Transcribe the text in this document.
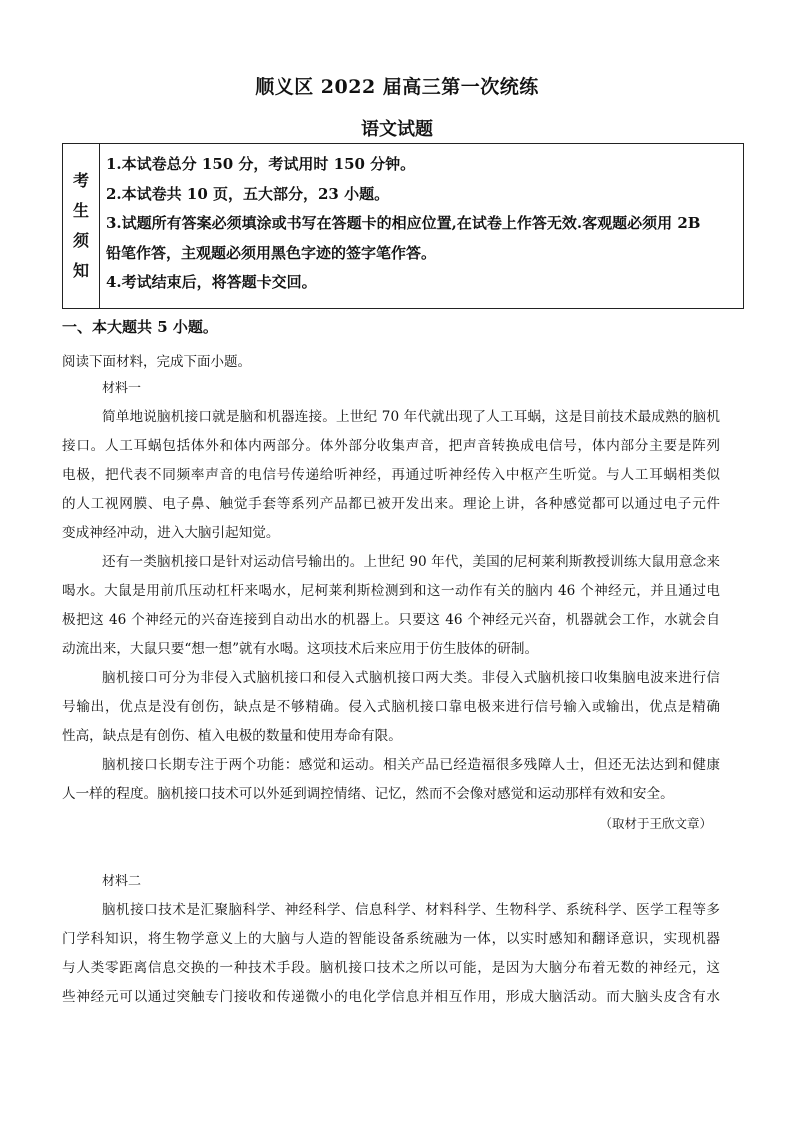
顺义区 2022 届高三第一次统练
语文试题
考
生
须
知
1.本试卷总分 150 分，考试用时 150 分钟。
2.本试卷共 10 页，五大部分，23 小题。
3.试题所有答案必须填涂或书写在答题卡的相应位置,在试卷上作答无效.客观题必须用 2B
铅笔作答，主观题必须用黑色字迹的签字笔作答。
4.考试结束后，将答题卡交回。
一、本大题共 5 小题。
阅读下面材料，完成下面小题。
材料一
简单地说脑机接口就是脑和机器连接。上世纪 70 年代就出现了人工耳蜗，这是目前技术最成熟的脑机
接口。人工耳蜗包括体外和体内两部分。体外部分收集声音，把声音转换成电信号，体内部分主要是阵列
电极，把代表不同频率声音的电信号传递给听神经，再通过听神经传入中枢产生听觉。与人工耳蜗相类似
的人工视网膜、电子鼻、触觉手套等系列产品都已被开发出来。理论上讲，各种感觉都可以通过电子元件
变成神经冲动，进入大脑引起知觉。
还有一类脑机接口是针对运动信号输出的。上世纪 90 年代，美国的尼柯莱利斯教授训练大鼠用意念来
喝水。大鼠是用前爪压动杠杆来喝水，尼柯莱利斯检测到和这一动作有关的脑内 46 个神经元，并且通过电
极把这 46 个神经元的兴奋连接到自动出水的机器上。只要这 46 个神经元兴奋，机器就会工作，水就会自
动流出来，大鼠只要“想一想”就有水喝。这项技术后来应用于仿生肢体的研制。
脑机接口可分为非侵入式脑机接口和侵入式脑机接口两大类。非侵入式脑机接口收集脑电波来进行信
号输出，优点是没有创伤，缺点是不够精确。侵入式脑机接口靠电极来进行信号输入或输出，优点是精确
性高，缺点是有创伤、植入电极的数量和使用寿命有限。
脑机接口长期专注于两个功能：感觉和运动。相关产品已经造福很多残障人士，但还无法达到和健康
人一样的程度。脑机接口技术可以外延到调控情绪、记忆，然而不会像对感觉和运动那样有效和安全。
（取材于王欣文章）
材料二
脑机接口技术是汇聚脑科学、神经科学、信息科学、材料科学、生物科学、系统科学、医学工程等多
门学科知识，将生物学意义上的大脑与人造的智能设备系统融为一体，以实时感知和翻译意识，实现机器
与人类零距离信息交换的一种技术手段。脑机接口技术之所以可能，是因为大脑分布着无数的神经元，这
些神经元可以通过突触专门接收和传递微小的电化学信息并相互作用，形成大脑活动。而大脑头皮含有水
